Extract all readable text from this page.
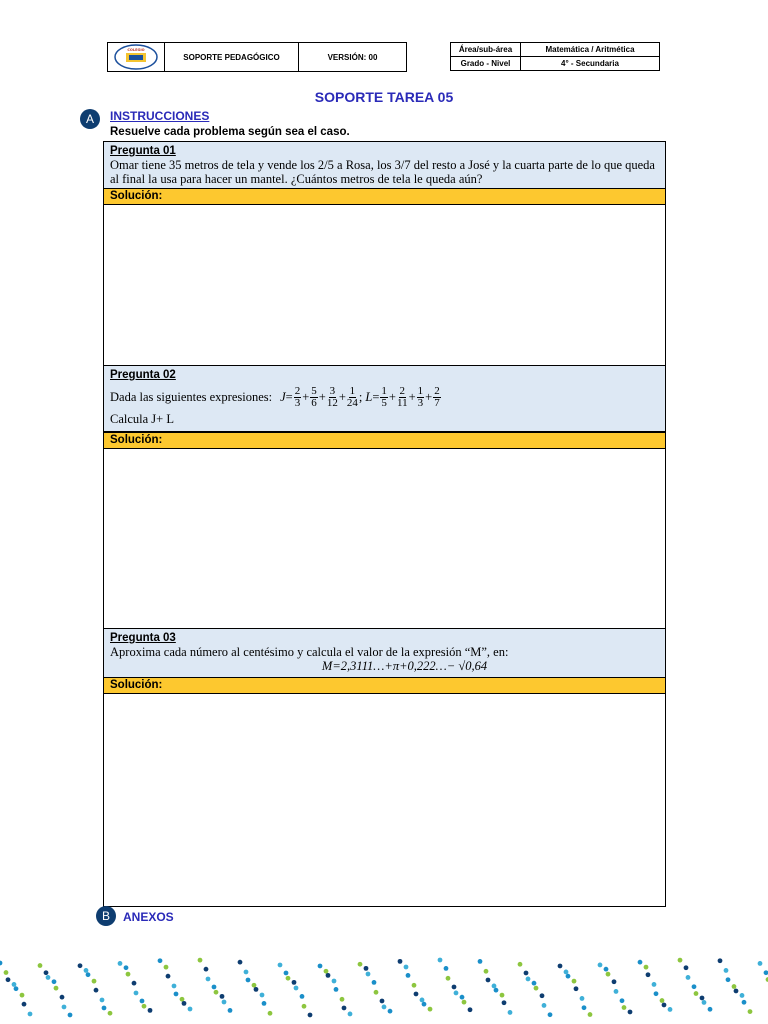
COLEGIO
SOPORTE PEDAGÓGICO	VERSIÓN: 00
Área/sub-área	Matemática / Aritmética
Grado - Nivel	4° - Secundaria
SOPORTE TAREA 05
A	INSTRUCCIONES
Resuelve cada problema según sea el caso.
Pregunta 01
Omar tiene 35 metros de tela y vende los 2/5 a Rosa, los 3/7 del resto a José y la cuarta parte de lo que queda al final la usa para hacer un mantel. ¿Cuántos metros de tela le queda aún?
Solución:
Pregunta 02
Dada las siguientes expresiones: $J = \frac{2}{3} + \frac{5}{6} + \frac{3}{12} + \frac{1}{24}$ ; $L = \frac{1}{5} + \frac{2}{11} + \frac{1}{3} + \frac{2}{7}$
Calcula J+ L
Solución:
Pregunta 03
Aproxima cada número al centésimo y calcula el valor de la expresión “M”, en:
M=2,3111…+π+0,222…− √0,64
Solución:
B	ANEXOS
